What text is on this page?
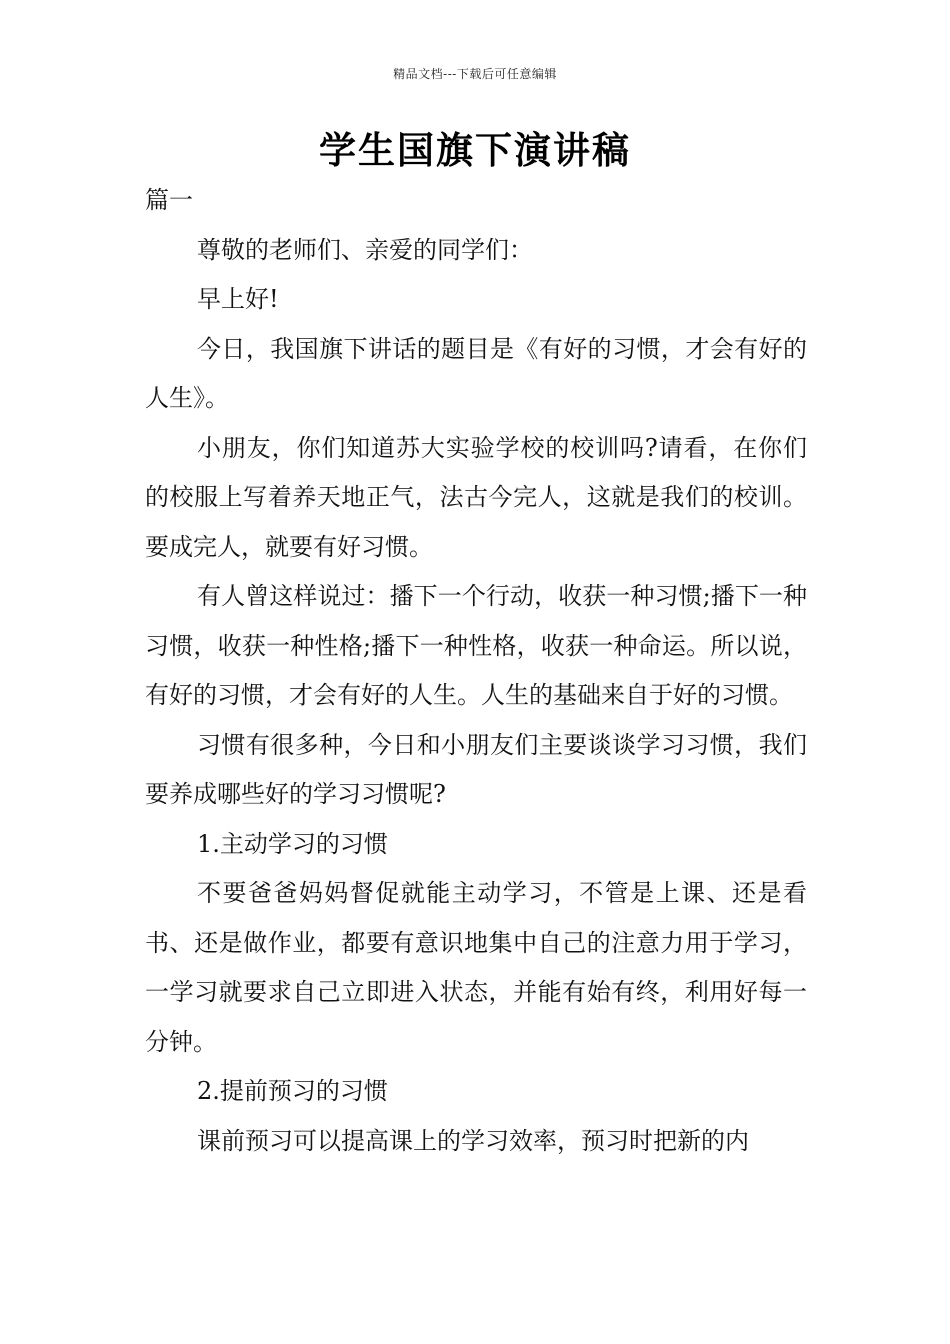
精品文档---下载后可任意编辑
学生国旗下演讲稿

篇一

尊敬的老师们、亲爱的同学们：

早上好!

今日，我国旗下讲话的题目是《有好的习惯，才会有好的人生》。

小朋友，你们知道苏大实验学校的校训吗?请看，在你们的校服上写着养天地正气，法古今完人，这就是我们的校训。要成完人，就要有好习惯。

有人曾这样说过：播下一个行动，收获一种习惯;播下一种习惯，收获一种性格;播下一种性格，收获一种命运。所以说，有好的习惯，才会有好的人生。人生的基础来自于好的习惯。

习惯有很多种，今日和小朋友们主要谈谈学习习惯，我们要养成哪些好的学习习惯呢?

1.主动学习的习惯

不要爸爸妈妈督促就能主动学习，不管是上课、还是看书、还是做作业，都要有意识地集中自己的注意力用于学习，一学习就要求自己立即进入状态，并能有始有终，利用好每一分钟。

2.提前预习的习惯

课前预习可以提高课上的学习效率，预习时把新的内
